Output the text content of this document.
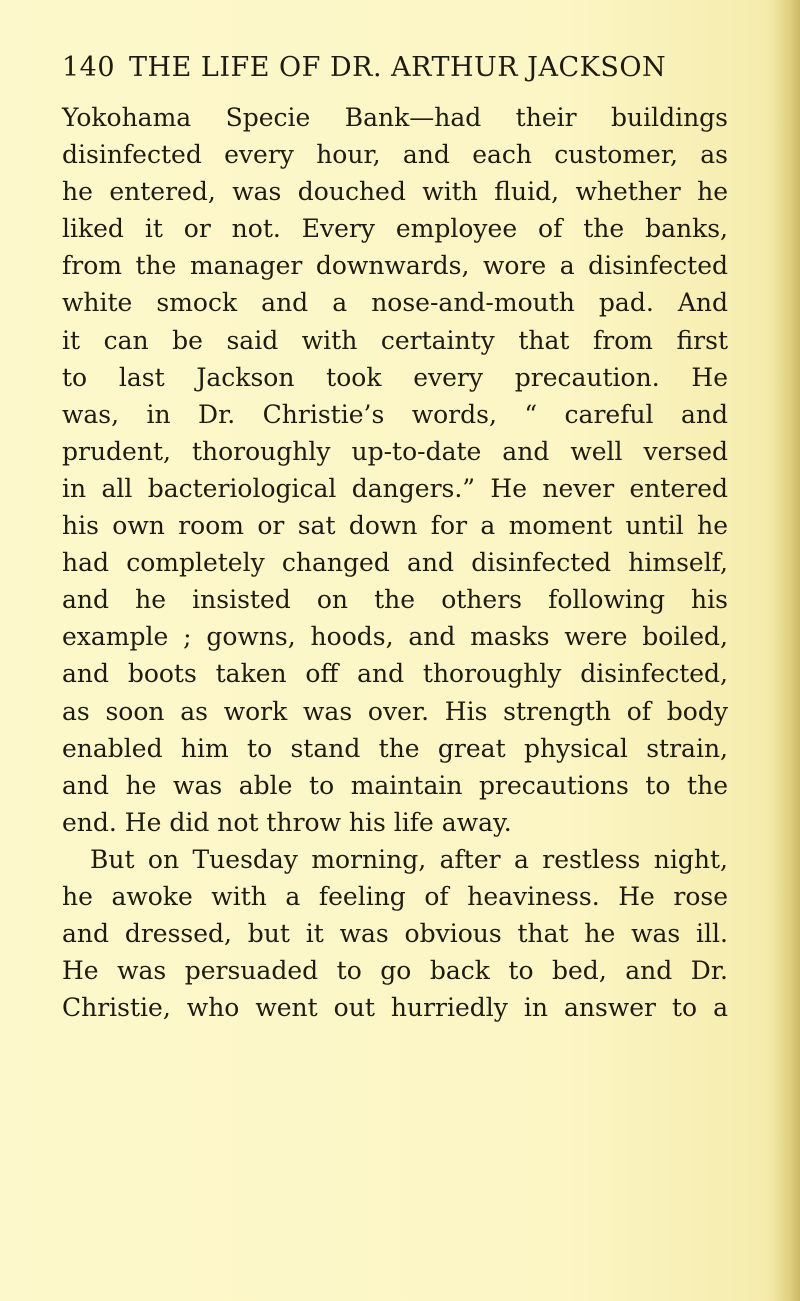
140 THE LIFE OF DR. ARTHUR JACKSON
Yokohama Specie Bank—had their buildings
disinfected every hour, and each customer, as
he entered, was douched with fluid, whether he
liked it or not. Every employee of the banks,
from the manager downwards, wore a disinfected
white smock and a nose-and-mouth pad. And
it can be said with certainty that from first
to last Jackson took every precaution. He
was, in Dr. Christie’s words, “ careful and
prudent, thoroughly up-to-date and well versed
in all bacteriological dangers.” He never entered
his own room or sat down for a moment until he
had completely changed and disinfected himself,
and he insisted on the others following his
example ; gowns, hoods, and masks were boiled,
and boots taken off and thoroughly disinfected,
as soon as work was over. His strength of body
enabled him to stand the great physical strain,
and he was able to maintain precautions to the
end. He did not throw his life away.
But on Tuesday morning, after a restless night,
he awoke with a feeling of heaviness. He rose
and dressed, but it was obvious that he was ill.
He was persuaded to go back to bed, and Dr.
Christie, who went out hurriedly in answer to a
